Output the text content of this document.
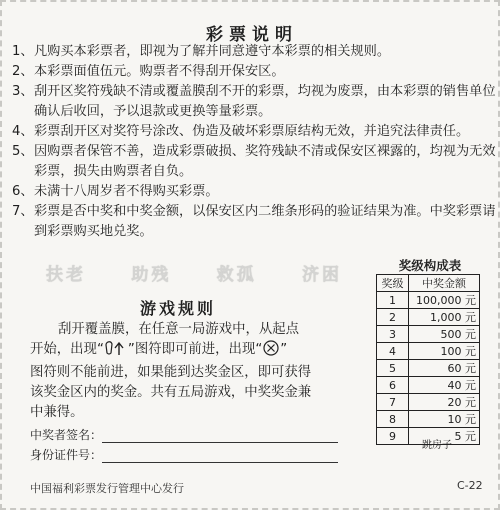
彩票说明
1、 凡购买本彩票者，即视为了解并同意遵守本彩票的相关规则。
2、 本彩票面值伍元。购票者不得刮开保安区。
3、 刮开区奖符残缺不清或覆盖膜刮不开的彩票，均视为废票，由本彩票的销售单位确认后收回，予以退款或更换等量彩票。
4、 彩票刮开区对奖符号涂改、伪造及破坏彩票原结构无效，并追究法律责任。
5、 因购票者保管不善，造成彩票破损、奖符残缺不清或保安区裸露的，均视为无效彩票，损失由购票者自负。
6、 未满十八周岁者不得购买彩票。
7、 彩票是否中奖和中奖金额，以保安区内二维条形码的验证结果为准。中奖彩票请到彩票购买地兑奖。
扶老	助残	救孤	济困
游戏规则
刮开覆盖膜，在任意一局游戏中，从起点
开始，出现“ ”图符即可前进，出现“ ”
图符则不能前进，如果能到达奖金区，即可获得
该奖金区内的奖金。共有五局游戏，中奖奖金兼
中兼得。
中奖者签名：
身份证件号：
中国福利彩票发行管理中心发行	C-22
奖级构成表
奖级	中奖金额
1	100,000 元
2	1,000 元
3	500 元
4	100 元
5	60 元
6	40 元
7	20 元
8	10 元
9	5 元
跳房子
